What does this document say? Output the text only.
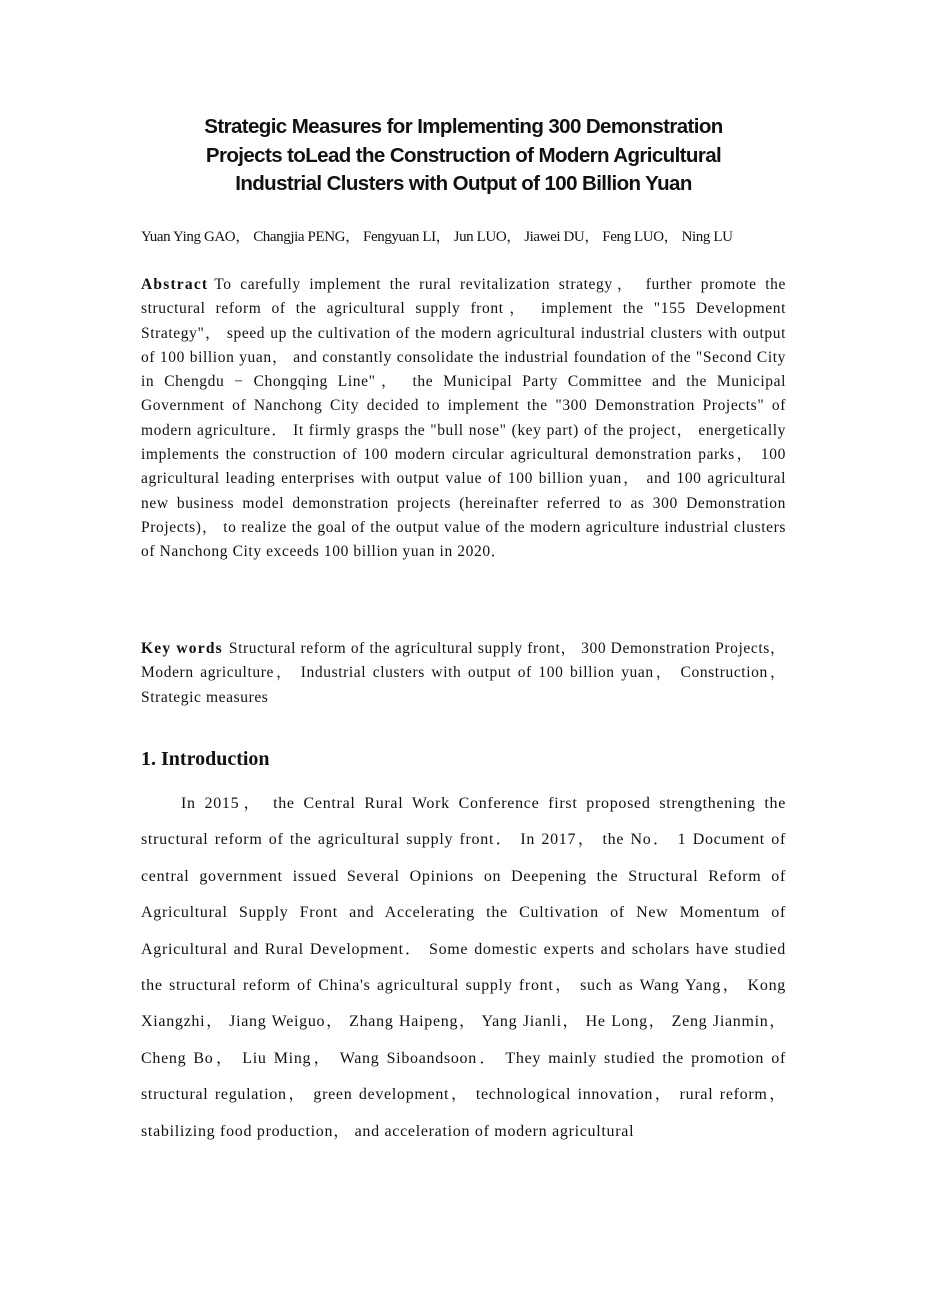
Strategic Measures for Implementing 300 Demonstration
Projects toLead the Construction of Modern Agricultural
Industrial Clusters with Output of 100 Billion Yuan

Yuan Ying GAO， Changjia PENG， Fengyuan LI， Jun LUO， Jiawei DU， Feng LUO， Ning LU

Abstract To carefully implement the rural revitalization strategy， further promote the structural reform of the agricultural supply front， implement the "155 Development Strategy"， speed up the cultivation of the modern agricultural industrial clusters with output of 100 billion yuan， and constantly consolidate the industrial foundation of the "Second City in Chengdu − Chongqing Line"， the Municipal Party Committee and the Municipal Government of Nanchong City decided to implement the "300 Demonstration Projects" of modern agriculture． It firmly grasps the "bull nose" (key part) of the project， energetically implements the construction of 100 modern circular agricultural demonstration parks， 100 agricultural leading enterprises with output value of 100 billion yuan， and 100 agricultural new business model demonstration projects (hereinafter referred to as 300 Demonstration Projects)， to realize the goal of the output value of the modern agriculture industrial clusters of Nanchong City exceeds 100 billion yuan in 2020．

Key words Structural reform of the agricultural supply front， 300 Demonstration Projects， Modern agriculture， Industrial clusters with output of 100 billion yuan， Construction， Strategic measures

1. Introduction

In 2015， the Central Rural Work Conference first proposed strengthening the structural reform of the agricultural supply front． In 2017， the No． 1 Document of central government issued Several Opinions on Deepening the Structural Reform of Agricultural Supply Front and Accelerating the Cultivation of New Momentum of Agricultural and Rural Development． Some domestic experts and scholars have studied the structural reform of China's agricultural supply front， such as Wang Yang， Kong Xiangzhi， Jiang Weiguo， Zhang Haipeng， Yang Jianli， He Long， Zeng Jianmin， Cheng Bo， Liu Ming， Wang Siboandsoon． They mainly studied the promotion of structural regulation， green development， technological innovation， rural reform， stabilizing food production， and acceleration of modern agricultural
